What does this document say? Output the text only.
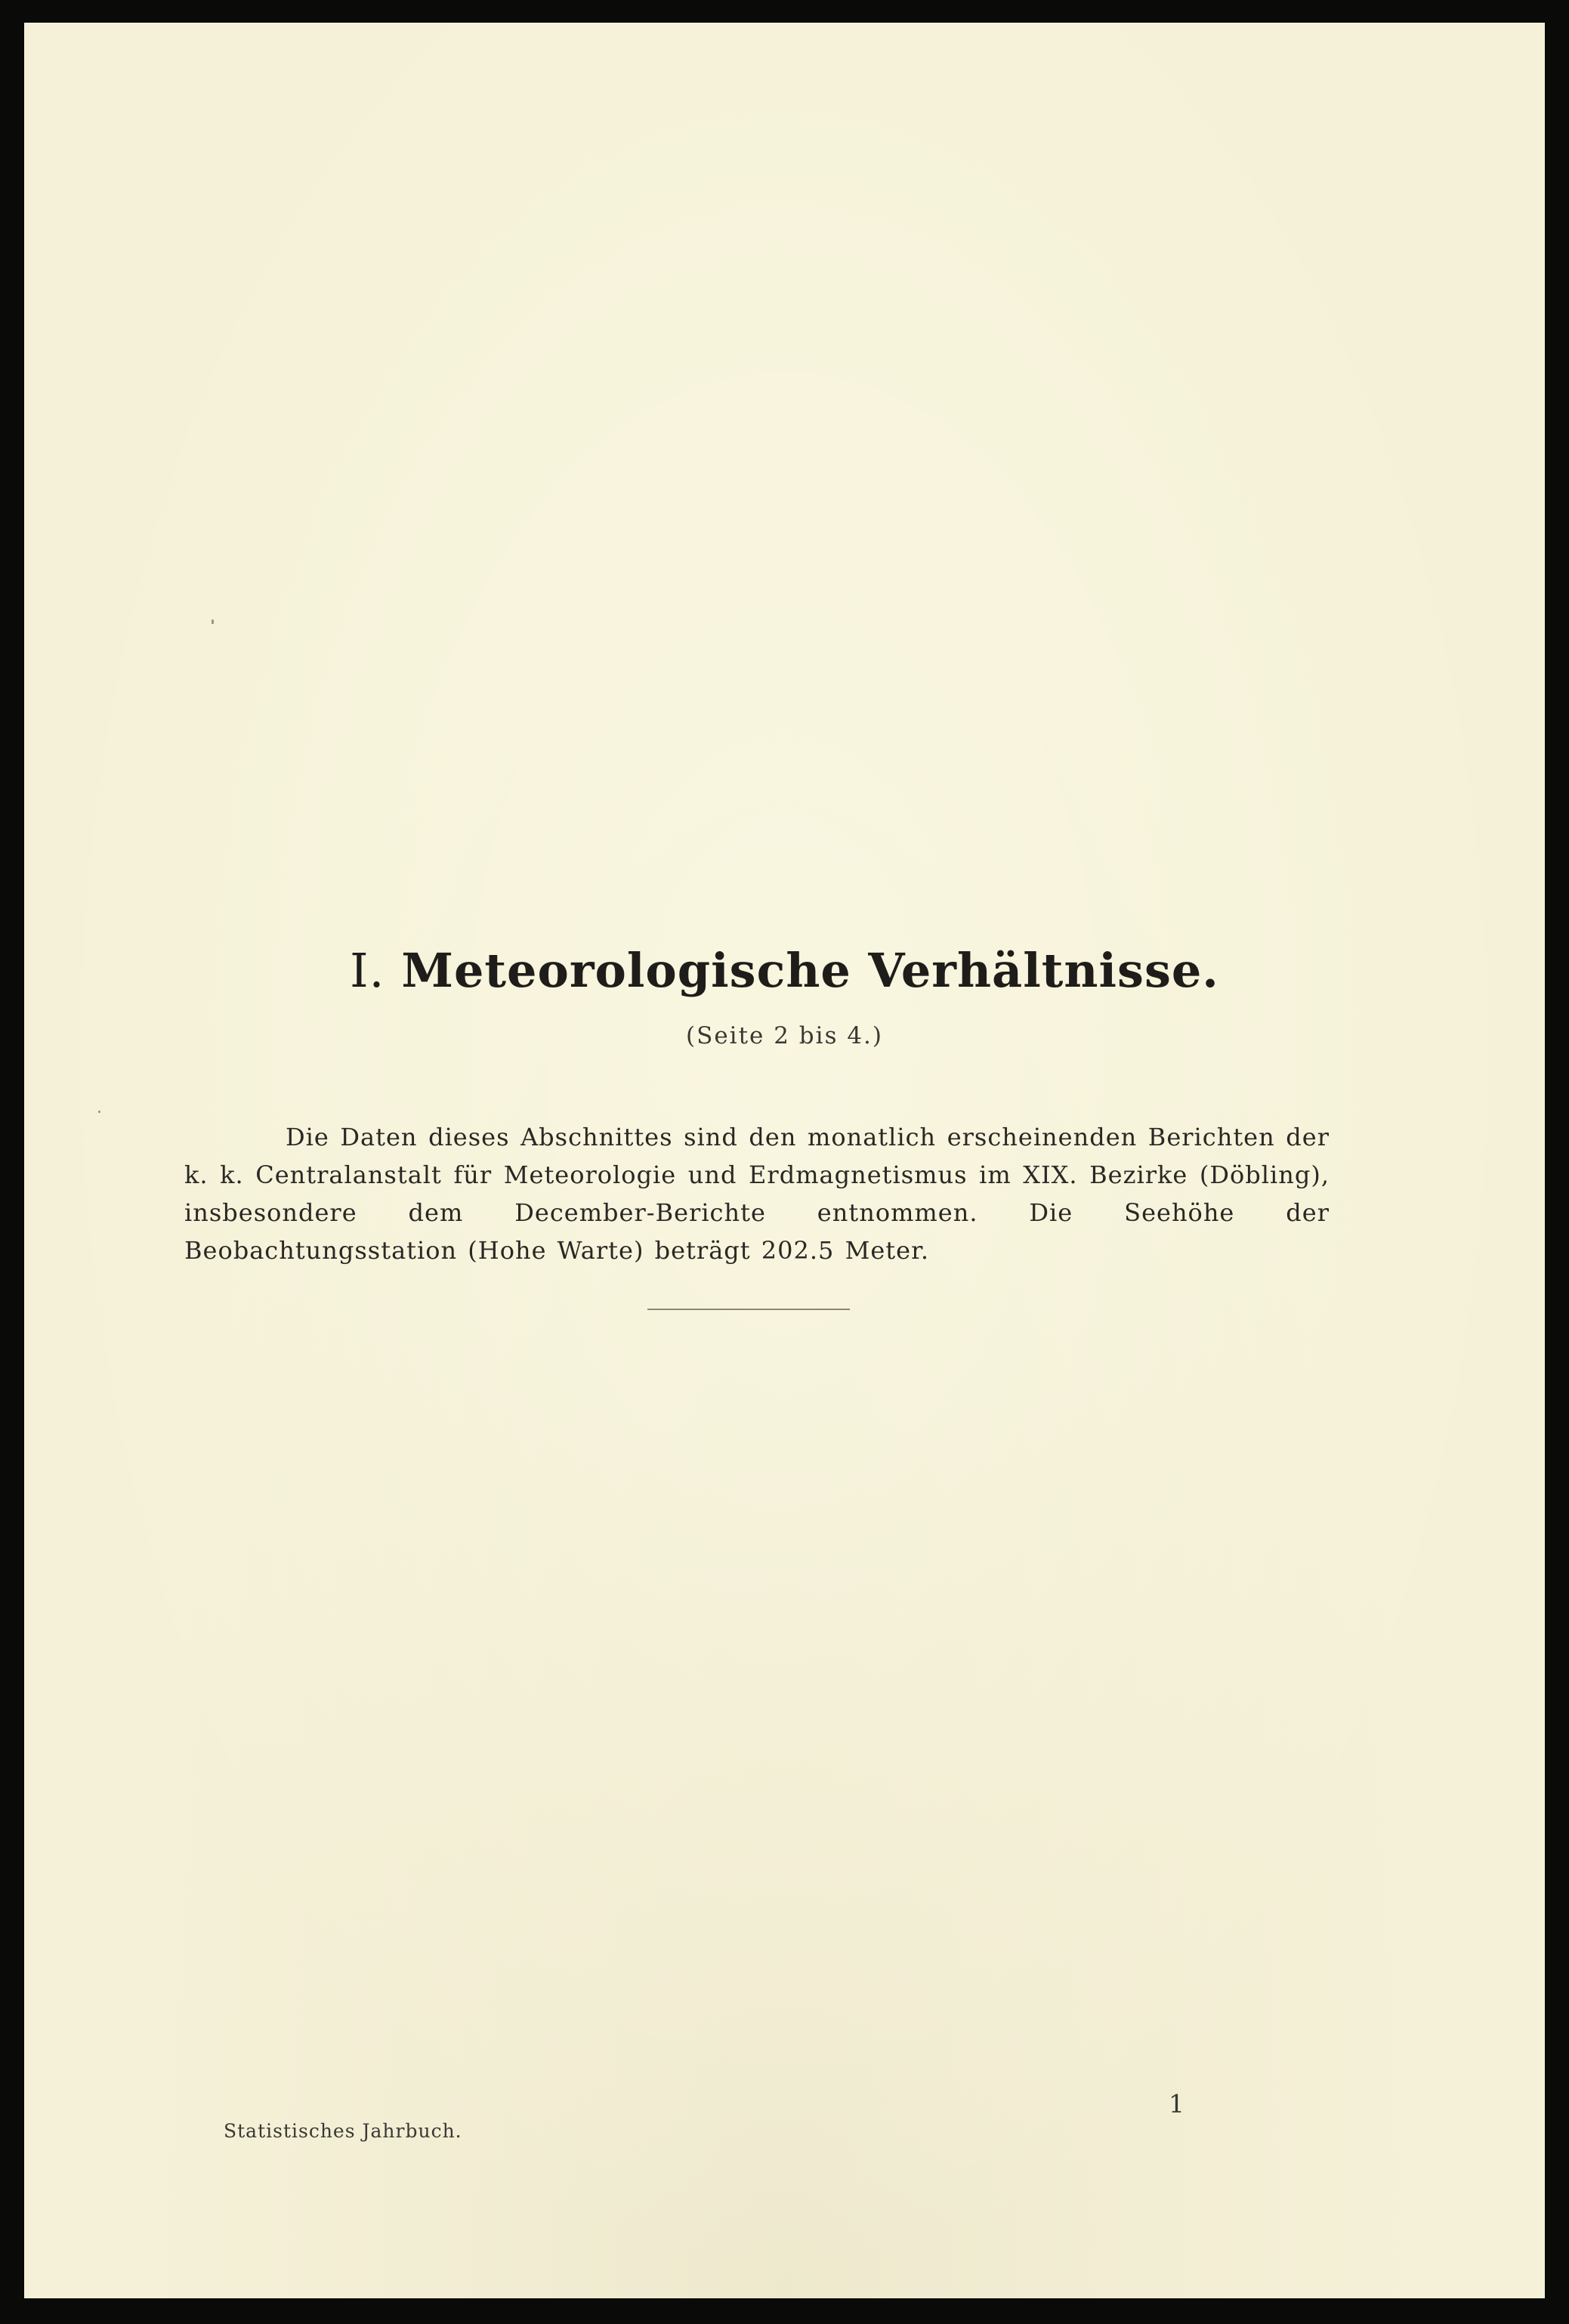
I. Meteorologische Verhältnisse.
(Seite 2 bis 4.)

Die Daten dieses Abschnittes sind den monatlich erscheinenden Berichten der k. k. Centralanstalt für Meteorologie und Erdmagnetismus im XIX. Bezirke (Döbling), insbesondere dem December-Berichte entnommen. Die Seehöhe der Beobachtungsstation (Hohe Warte) beträgt 202.5 Meter.

1
Statistisches Jahrbuch.
